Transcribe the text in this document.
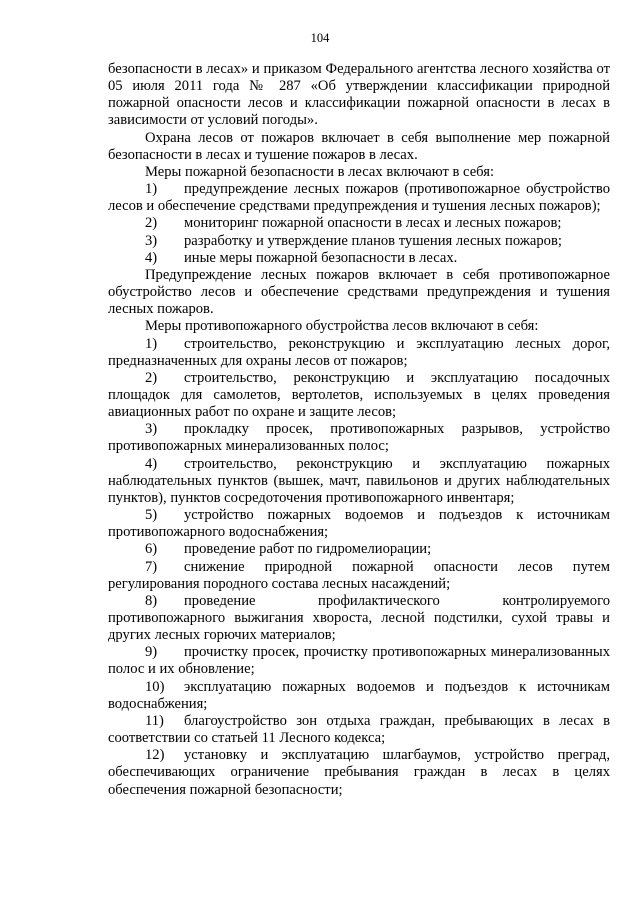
104

безопасности в лесах» и приказом Федерального агентства лесного хозяйства от 05 июля 2011 года № 287 «Об утверждении классификации природной пожарной опасности лесов и классификации пожарной опасности в лесах в зависимости от условий погоды».

Охрана лесов от пожаров включает в себя выполнение мер пожарной безопасности в лесах и тушение пожаров в лесах.

Меры пожарной безопасности в лесах включают в себя:

1) предупреждение лесных пожаров (противопожарное обустройство лесов и обеспечение средствами предупреждения и тушения лесных пожаров);

2) мониторинг пожарной опасности в лесах и лесных пожаров;

3) разработку и утверждение планов тушения лесных пожаров;

4) иные меры пожарной безопасности в лесах.

Предупреждение лесных пожаров включает в себя противопожарное обустройство лесов и обеспечение средствами предупреждения и тушения лесных пожаров.

Меры противопожарного обустройства лесов включают в себя:

1) строительство, реконструкцию и эксплуатацию лесных дорог, предназначенных для охраны лесов от пожаров;

2) строительство, реконструкцию и эксплуатацию посадочных площадок для самолетов, вертолетов, используемых в целях проведения авиационных работ по охране и защите лесов;

3) прокладку просек, противопожарных разрывов, устройство противопожарных минерализованных полос;

4) строительство, реконструкцию и эксплуатацию пожарных наблюдательных пунктов (вышек, мачт, павильонов и других наблюдательных пунктов), пунктов сосредоточения противопожарного инвентаря;

5) устройство пожарных водоемов и подъездов к источникам противопожарного водоснабжения;

6) проведение работ по гидромелиорации;

7) снижение природной пожарной опасности лесов путем регулирования породного состава лесных насаждений;

8) проведение профилактического контролируемого противопожарного выжигания хвороста, лесной подстилки, сухой травы и других лесных горючих материалов;

9) прочистку просек, прочистку противопожарных минерализованных полос и их обновление;

10) эксплуатацию пожарных водоемов и подъездов к источникам водоснабжения;

11) благоустройство зон отдыха граждан, пребывающих в лесах в соответствии со статьей 11 Лесного кодекса;

12) установку и эксплуатацию шлагбаумов, устройство преград, обеспечивающих ограничение пребывания граждан в лесах в целях обеспечения пожарной безопасности;
